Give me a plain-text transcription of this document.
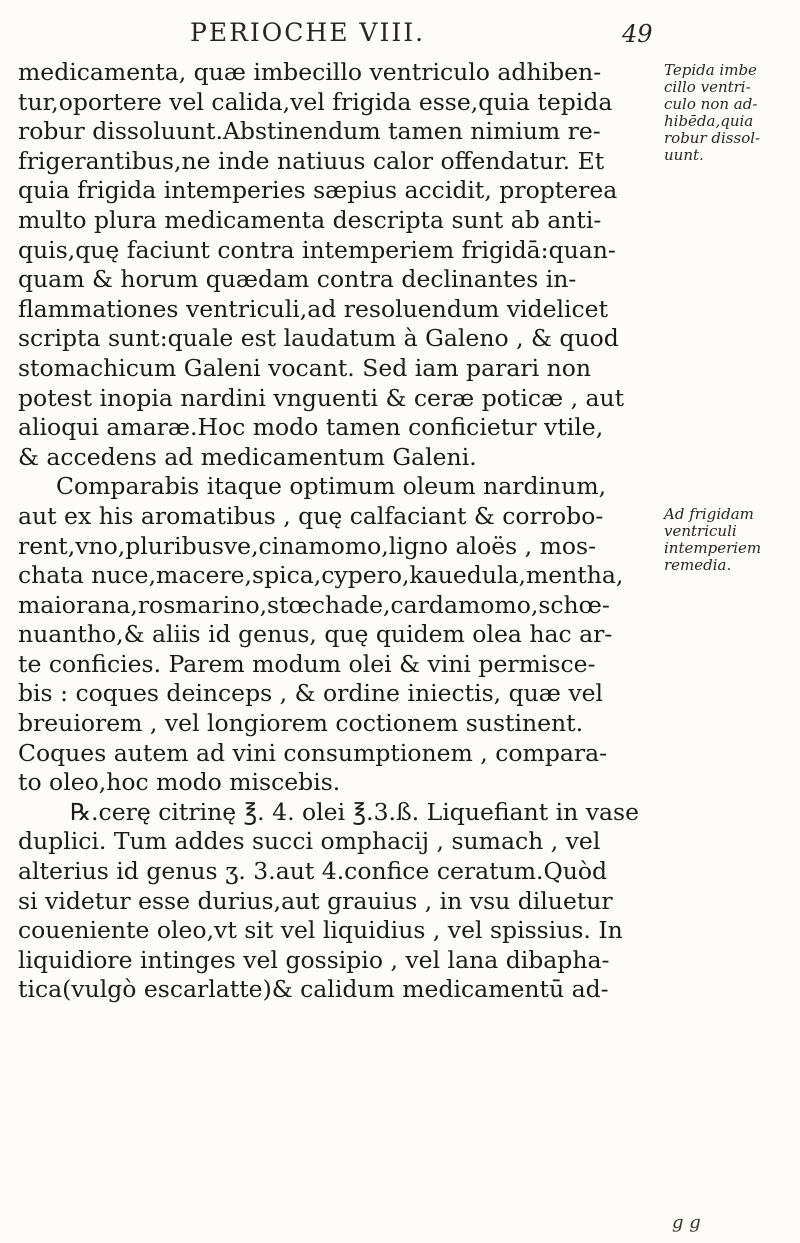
PERIOCHE VIII.	49
medicamenta, quæ imbecillo ventriculo adhiben-
tur,oportere vel calida,vel frigida esse,quia tepida
robur dissoluunt.Abstinendum tamen nimium re-
frigerantibus,ne inde natiuus calor offendatur. Et
quia frigida intemperies sæpius accidit, propterea
multo plura medicamenta descripta sunt ab anti-
quis,quę faciunt contra intemperiem frigidā:quan-
quam & horum quædam contra declinantes in-
flammationes ventriculi,ad resoluendum videlicet
scripta sunt:quale est laudatum à Galeno , & quod
stomachicum Galeni vocant. Sed iam parari non
potest inopia nardini vnguenti & ceræ poticæ , aut
alioqui amaræ.Hoc modo tamen conficietur vtile,
& accedens ad medicamentum Galeni.
Comparabis itaque optimum oleum nardinum,
aut ex his aromatibus , quę calfaciant & corrobo-
rent,vno,pluribusve,cinamomo,ligno aloës , mos-
chata nuce,macere,spica,cypero,kauedula,mentha,
maiorana,rosmarino,stœchade,cardamomo,schœ-
nuantho,& aliis id genus, quę quidem olea hac ar-
te conficies. Parem modum olei & vini permisce-
bis : coques deinceps , & ordine iniectis, quæ vel
breuiorem , vel longiorem coctionem sustinent.
Coques autem ad vini consumptionem , compara-
to oleo,hoc modo miscebis.
℞.cerę citrinę ℥. 4. olei ℥.3.ß. Liquefiant in vase
duplici. Tum addes succi omphacij , sumach , vel
alterius id genus ʒ. 3.aut 4.confice ceratum.Quòd
si videtur esse durius,aut grauius , in vsu diluetur
coueniente oleo,vt sit vel liquidius , vel spissius. In
liquidiore intinges vel gossipio , vel lana dibapha-
tica(vulgò escarlatte)& calidum medicamentū ad-
Tepida imbe
cillo ventri-
culo non ad-
hibēda,quia
robur dissol-
uunt.
Ad frigidam
ventriculi
intemperiem
remedia.
g g
